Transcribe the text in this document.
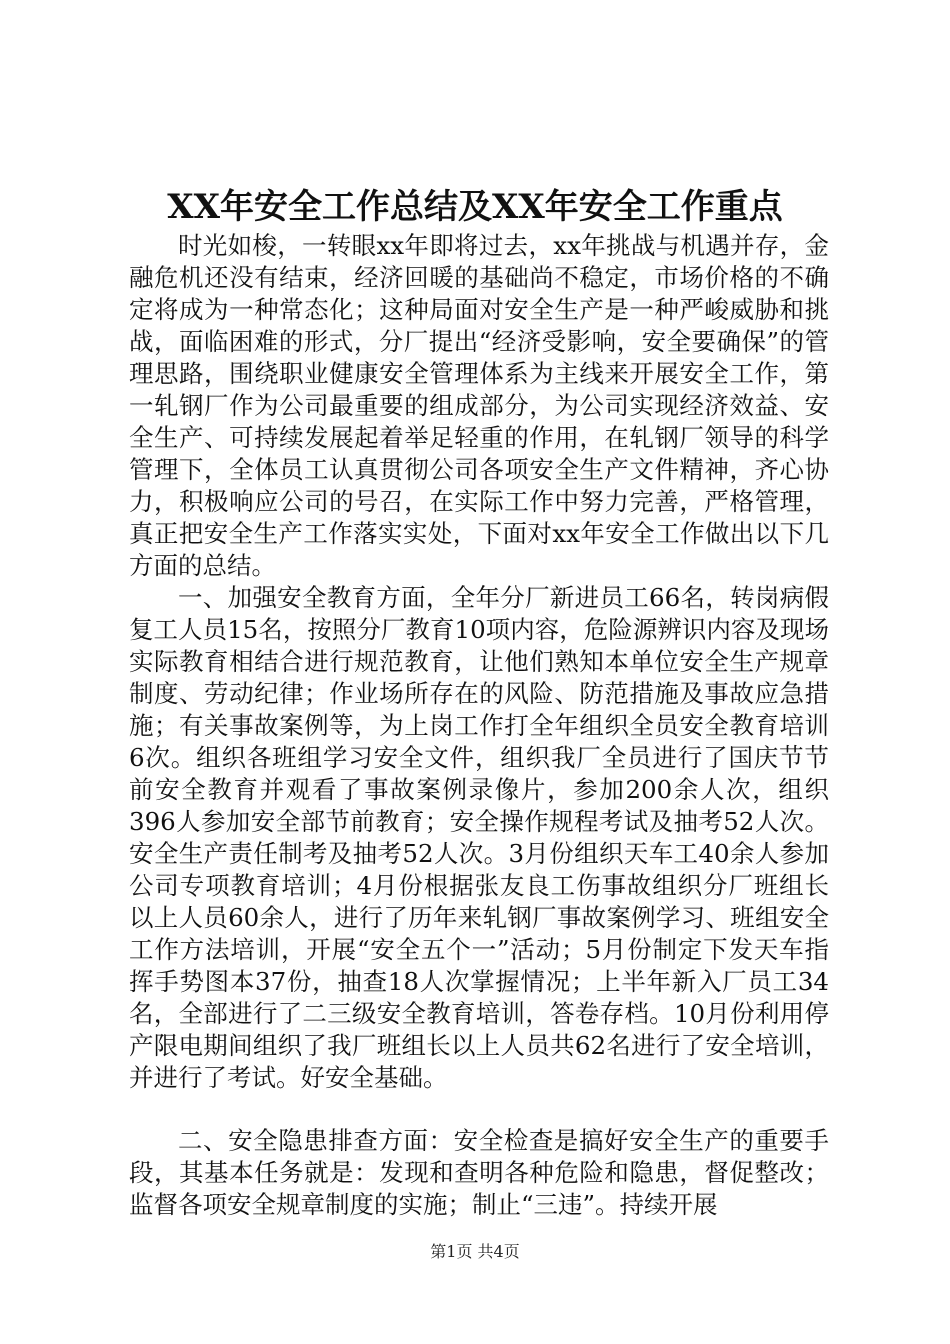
XX年安全工作总结及XX年安全工作重点

时光如梭，一转眼xx年即将过去，xx年挑战与机遇并存，金融危机还没有结束，经济回暖的基础尚不稳定，市场价格的不确定将成为一种常态化；这种局面对安全生产是一种严峻威胁和挑战，面临困难的形式，分厂提出“经济受影响，安全要确保”的管理思路，围绕职业健康安全管理体系为主线来开展安全工作，第一轧钢厂作为公司最重要的组成部分，为公司实现经济效益、安全生产、可持续发展起着举足轻重的作用，在轧钢厂领导的科学管理下，全体员工认真贯彻公司各项安全生产文件精神，齐心协力，积极响应公司的号召，在实际工作中努力完善，严格管理，真正把安全生产工作落实实处，下面对xx年安全工作做出以下几方面的总结。

一、加强安全教育方面，全年分厂新进员工66名，转岗病假复工人员15名，按照分厂教育10项内容，危险源辨识内容及现场实际教育相结合进行规范教育，让他们熟知本单位安全生产规章制度、劳动纪律；作业场所存在的风险、防范措施及事故应急措施；有关事故案例等，为上岗工作打全年组织全员安全教育培训6次。组织各班组学习安全文件，组织我厂全员进行了国庆节节前安全教育并观看了事故案例录像片，参加200余人次，组织396人参加安全部节前教育；安全操作规程考试及抽考52人次。安全生产责任制考及抽考52人次。3月份组织天车工40余人参加公司专项教育培训；4月份根据张友良工伤事故组织分厂班组长以上人员60余人，进行了历年来轧钢厂事故案例学习、班组安全工作方法培训，开展“安全五个一”活动；5月份制定下发天车指挥手势图本37份，抽查18人次掌握情况；上半年新入厂员工34名，全部进行了二三级安全教育培训，答卷存档。10月份利用停产限电期间组织了我厂班组长以上人员共62名进行了安全培训，并进行了考试。好安全基础。

二、安全隐患排查方面：安全检查是搞好安全生产的重要手段，其基本任务就是：发现和查明各种危险和隐患，督促整改；监督各项安全规章制度的实施；制止“三违”。持续开展

第1页 共4页
